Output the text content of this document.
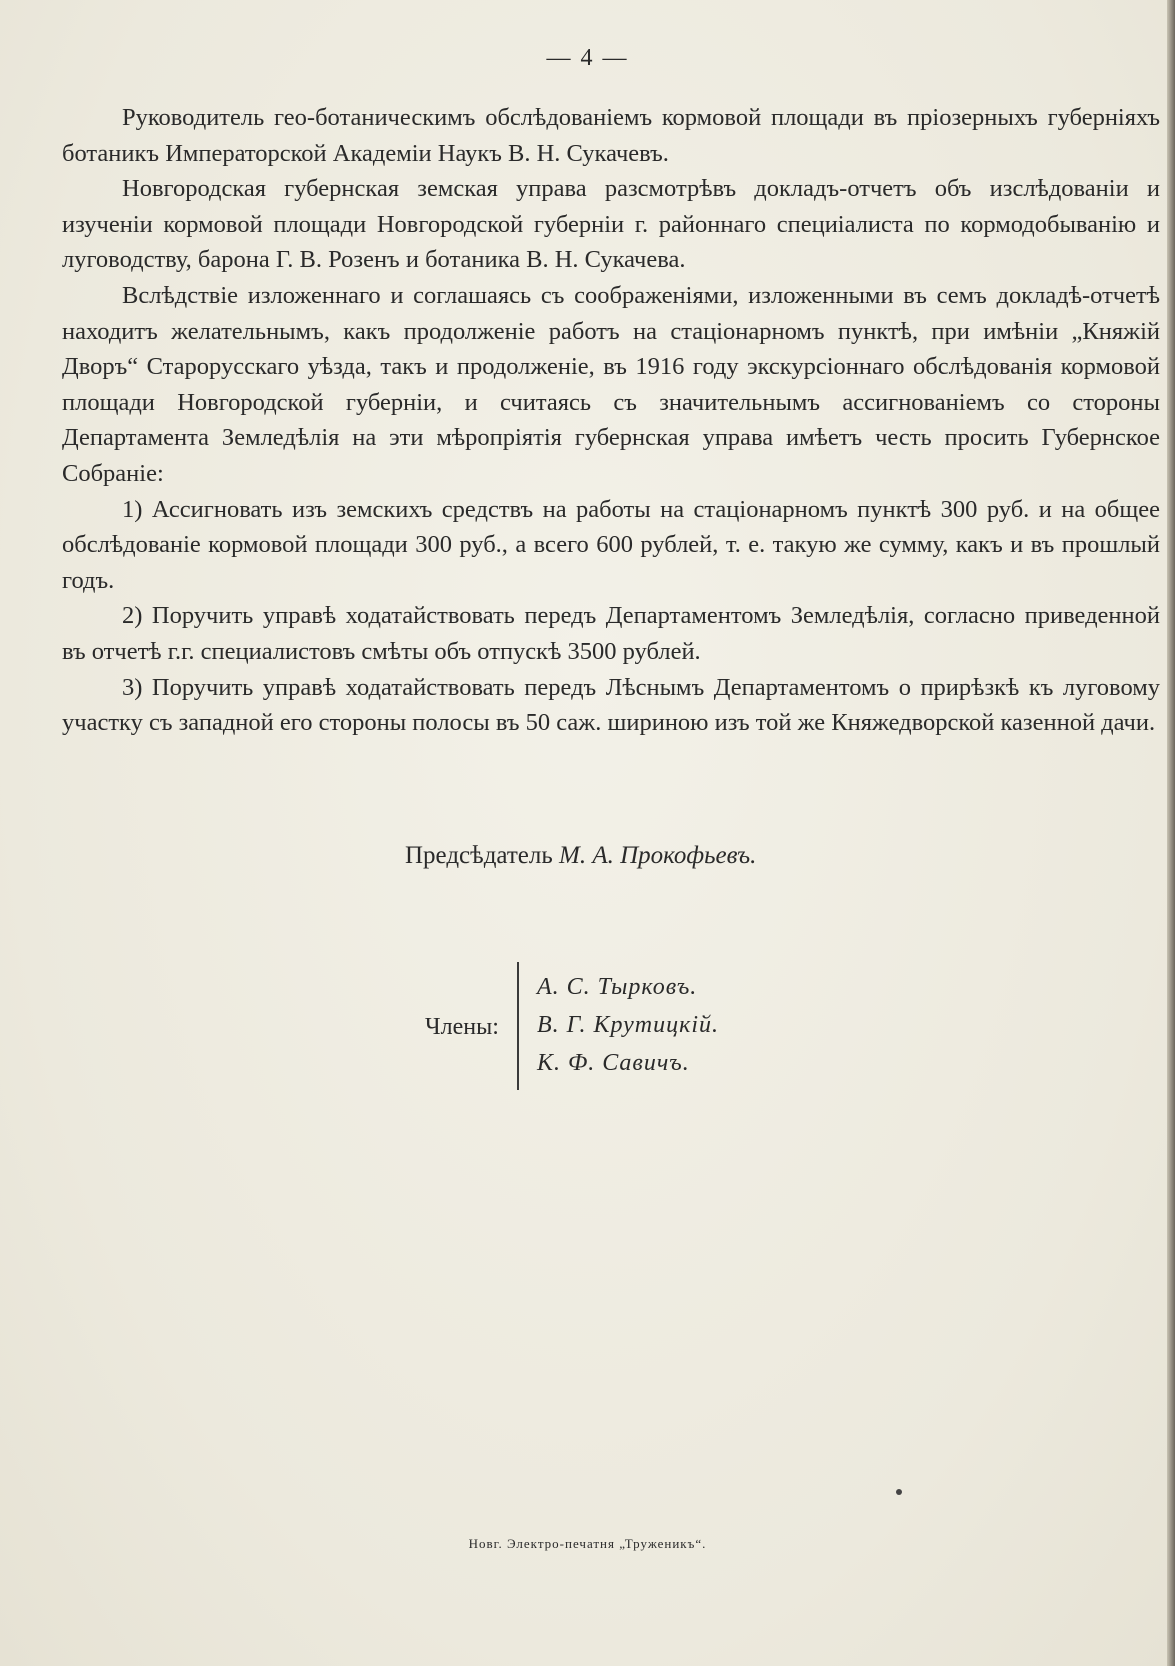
— 4 —

Руководитель гео-ботаническимъ обслѣдованіемъ кормовой площади въ пріозерныхъ губерніяхъ ботаникъ Императорской Академіи Наукъ В. Н. Сукачевъ.

Новгородская губернская земская управа разсмотрѣвъ докладъ-отчетъ объ изслѣдованіи и изученіи кормовой площади Новгородской губерніи г. районнаго специіалиста по кормодобыванію и луговодству, барона Г. В. Розенъ и ботаника В. Н. Сукачева.

Вслѣдствіе изложеннаго и соглашаясь съ соображеніями, изложенными въ семъ докладѣ-отчетѣ находитъ желательнымъ, какъ продолженіе работъ на стаціонарномъ пунктѣ, при имѣніи „Княжій Дворъ“ Старорусскаго уѣзда, такъ и продолженіе, въ 1916 году экскурсіоннаго обслѣдованія кормовой площади Новгородской губерніи, и считаясь съ значительнымъ ассигнованіемъ со стороны Департамента Земледѣлія на эти мѣропріятія губернская управа имѣетъ честь просить Губернское Собраніе:

1) Ассигновать изъ земскихъ средствъ на работы на стаціонарномъ пунктѣ 300 руб. и на общее обслѣдованіе кормовой площади 300 руб., а всего 600 рублей, т. е. такую же сумму, какъ и въ прошлый годъ.

2) Поручить управѣ ходатайствовать передъ Департаментомъ Земледѣлія, согласно приведенной въ отчетѣ г.г. специалистовъ смѣты объ отпускѣ 3500 рублей.

3) Поручить управѣ ходатайствовать передъ Лѣснымъ Департаментомъ о прирѣзкѣ къ луговому участку съ западной его стороны полосы въ 50 саж. шириною изъ той же Княжедворской казенной дачи.

Предсѣдатель М. А. Прокофьевъ.
Члены:
А. С. Тырковъ.
В. Г. Крутицкій.
К. Ф. Савичъ.
Новг. Электро-печатня „Труженикъ“.
